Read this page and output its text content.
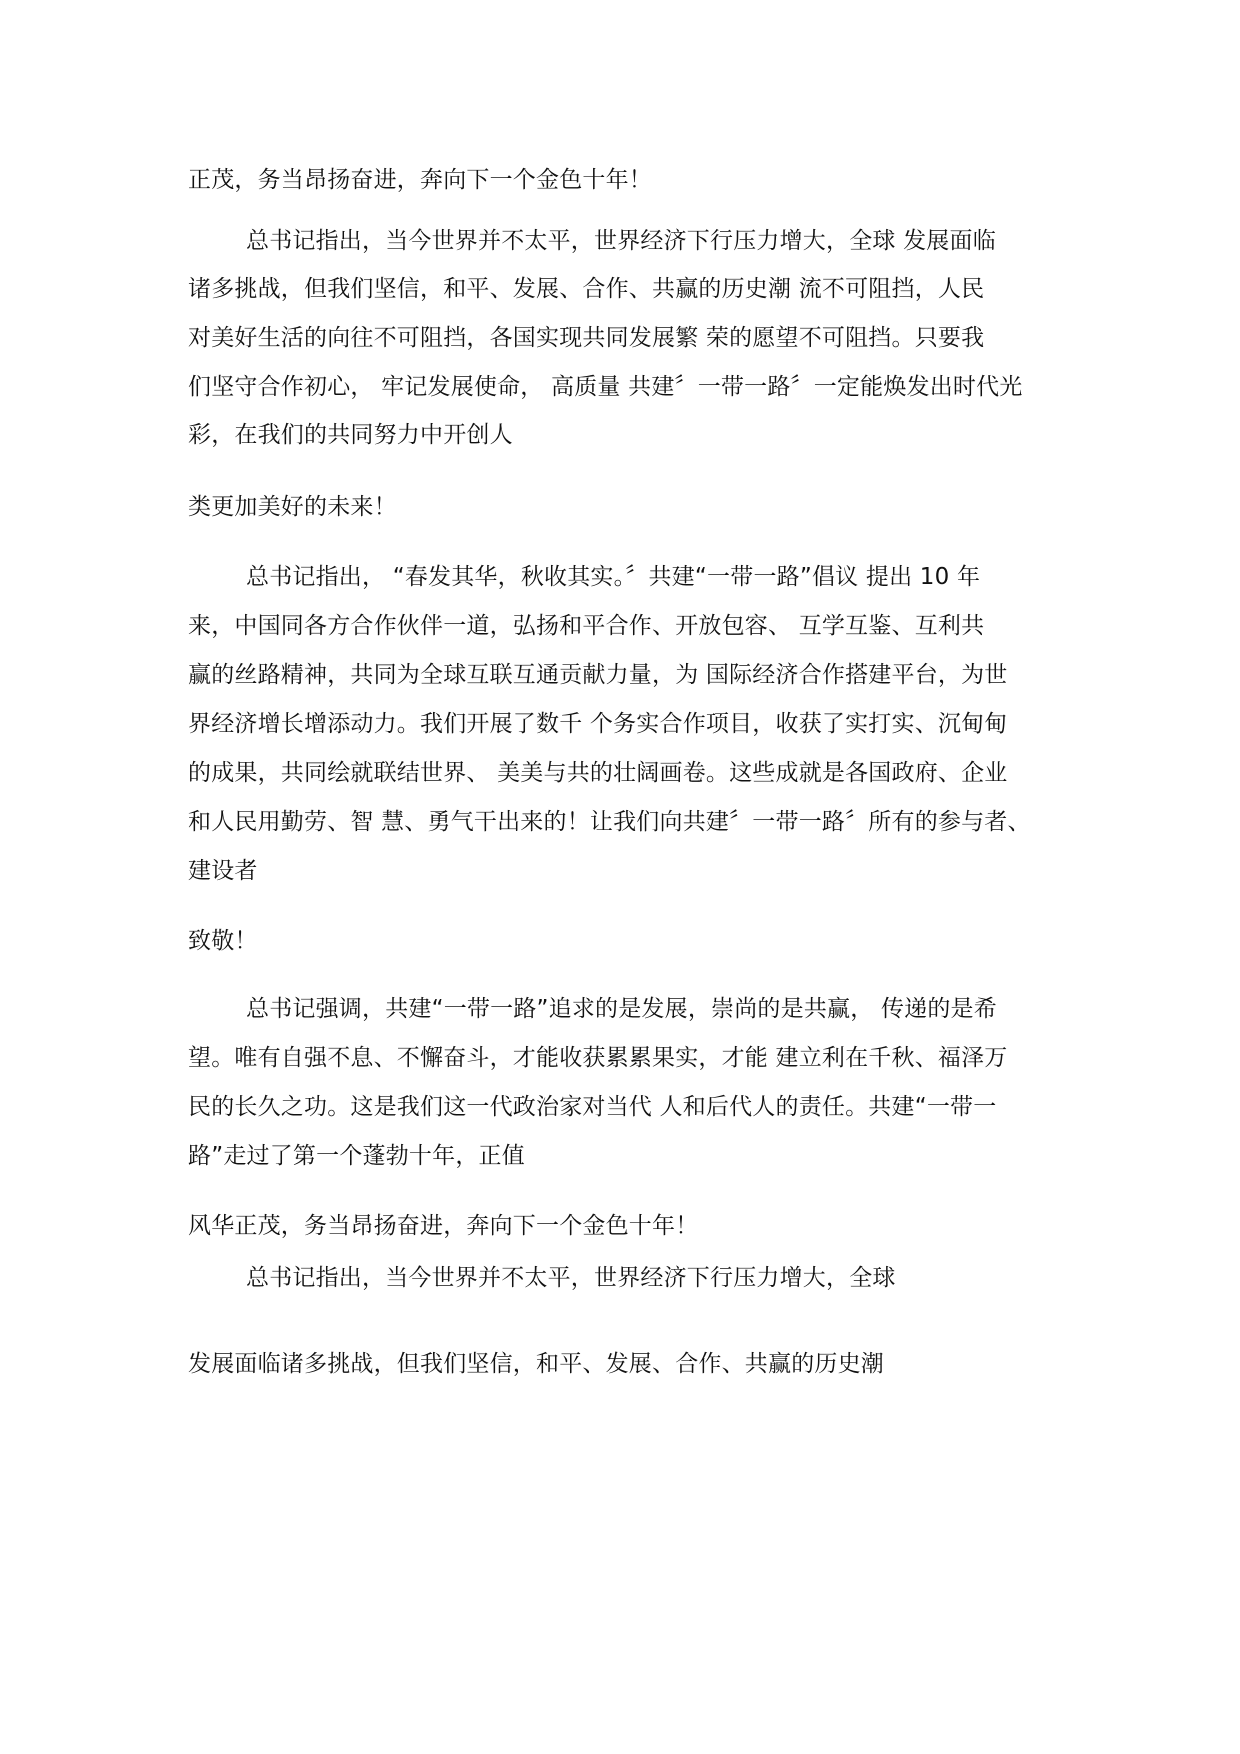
正茂，务当昂扬奋进，奔向下一个金色十年！

总书记指出，当今世界并不太平，世界经济下行压力增大，全球 发展面临

诸多挑战，但我们坚信，和平、发展、合作、共赢的历史潮 流不可阻挡，人民

对美好生活的向往不可阻挡，各国实现共同发展繁 荣的愿望不可阻挡。只要我

们坚守合作初心， 牢记发展使命， 高质量 共建〞一带一路〞一定能焕发出时代光

彩，在我们的共同努力中开创人

类更加美好的未来！

总书记指出， “春发其华，秋收其实。〞共建“一带一路”倡议 提出 10 年

来，中国同各方合作伙伴一道，弘扬和平合作、开放包容、 互学互鉴、互利共

赢的丝路精神，共同为全球互联互通贡献力量，为 国际经济合作搭建平台，为世

界经济增长增添动力。我们开展了数千 个务实合作项目，收获了实打实、沉甸甸

的成果，共同绘就联结世界、 美美与共的壮阔画卷。这些成就是各国政府、企业

和人民用勤劳、智 慧、勇气干出来的！让我们向共建〞一带一路〞所有的参与者、

建设者

致敬！

总书记强调，共建“一带一路”追求的是发展，崇尚的是共赢， 传递的是希

望。唯有自强不息、不懈奋斗，才能收获累累果实，才能 建立利在千秋、福泽万

民的长久之功。这是我们这一代政治家对当代 人和后代人的责任。共建“一带一

路”走过了第一个蓬勃十年，正值

风华正茂，务当昂扬奋进，奔向下一个金色十年！

总书记指出，当今世界并不太平，世界经济下行压力增大，全球

发展面临诸多挑战，但我们坚信，和平、发展、合作、共赢的历史潮
